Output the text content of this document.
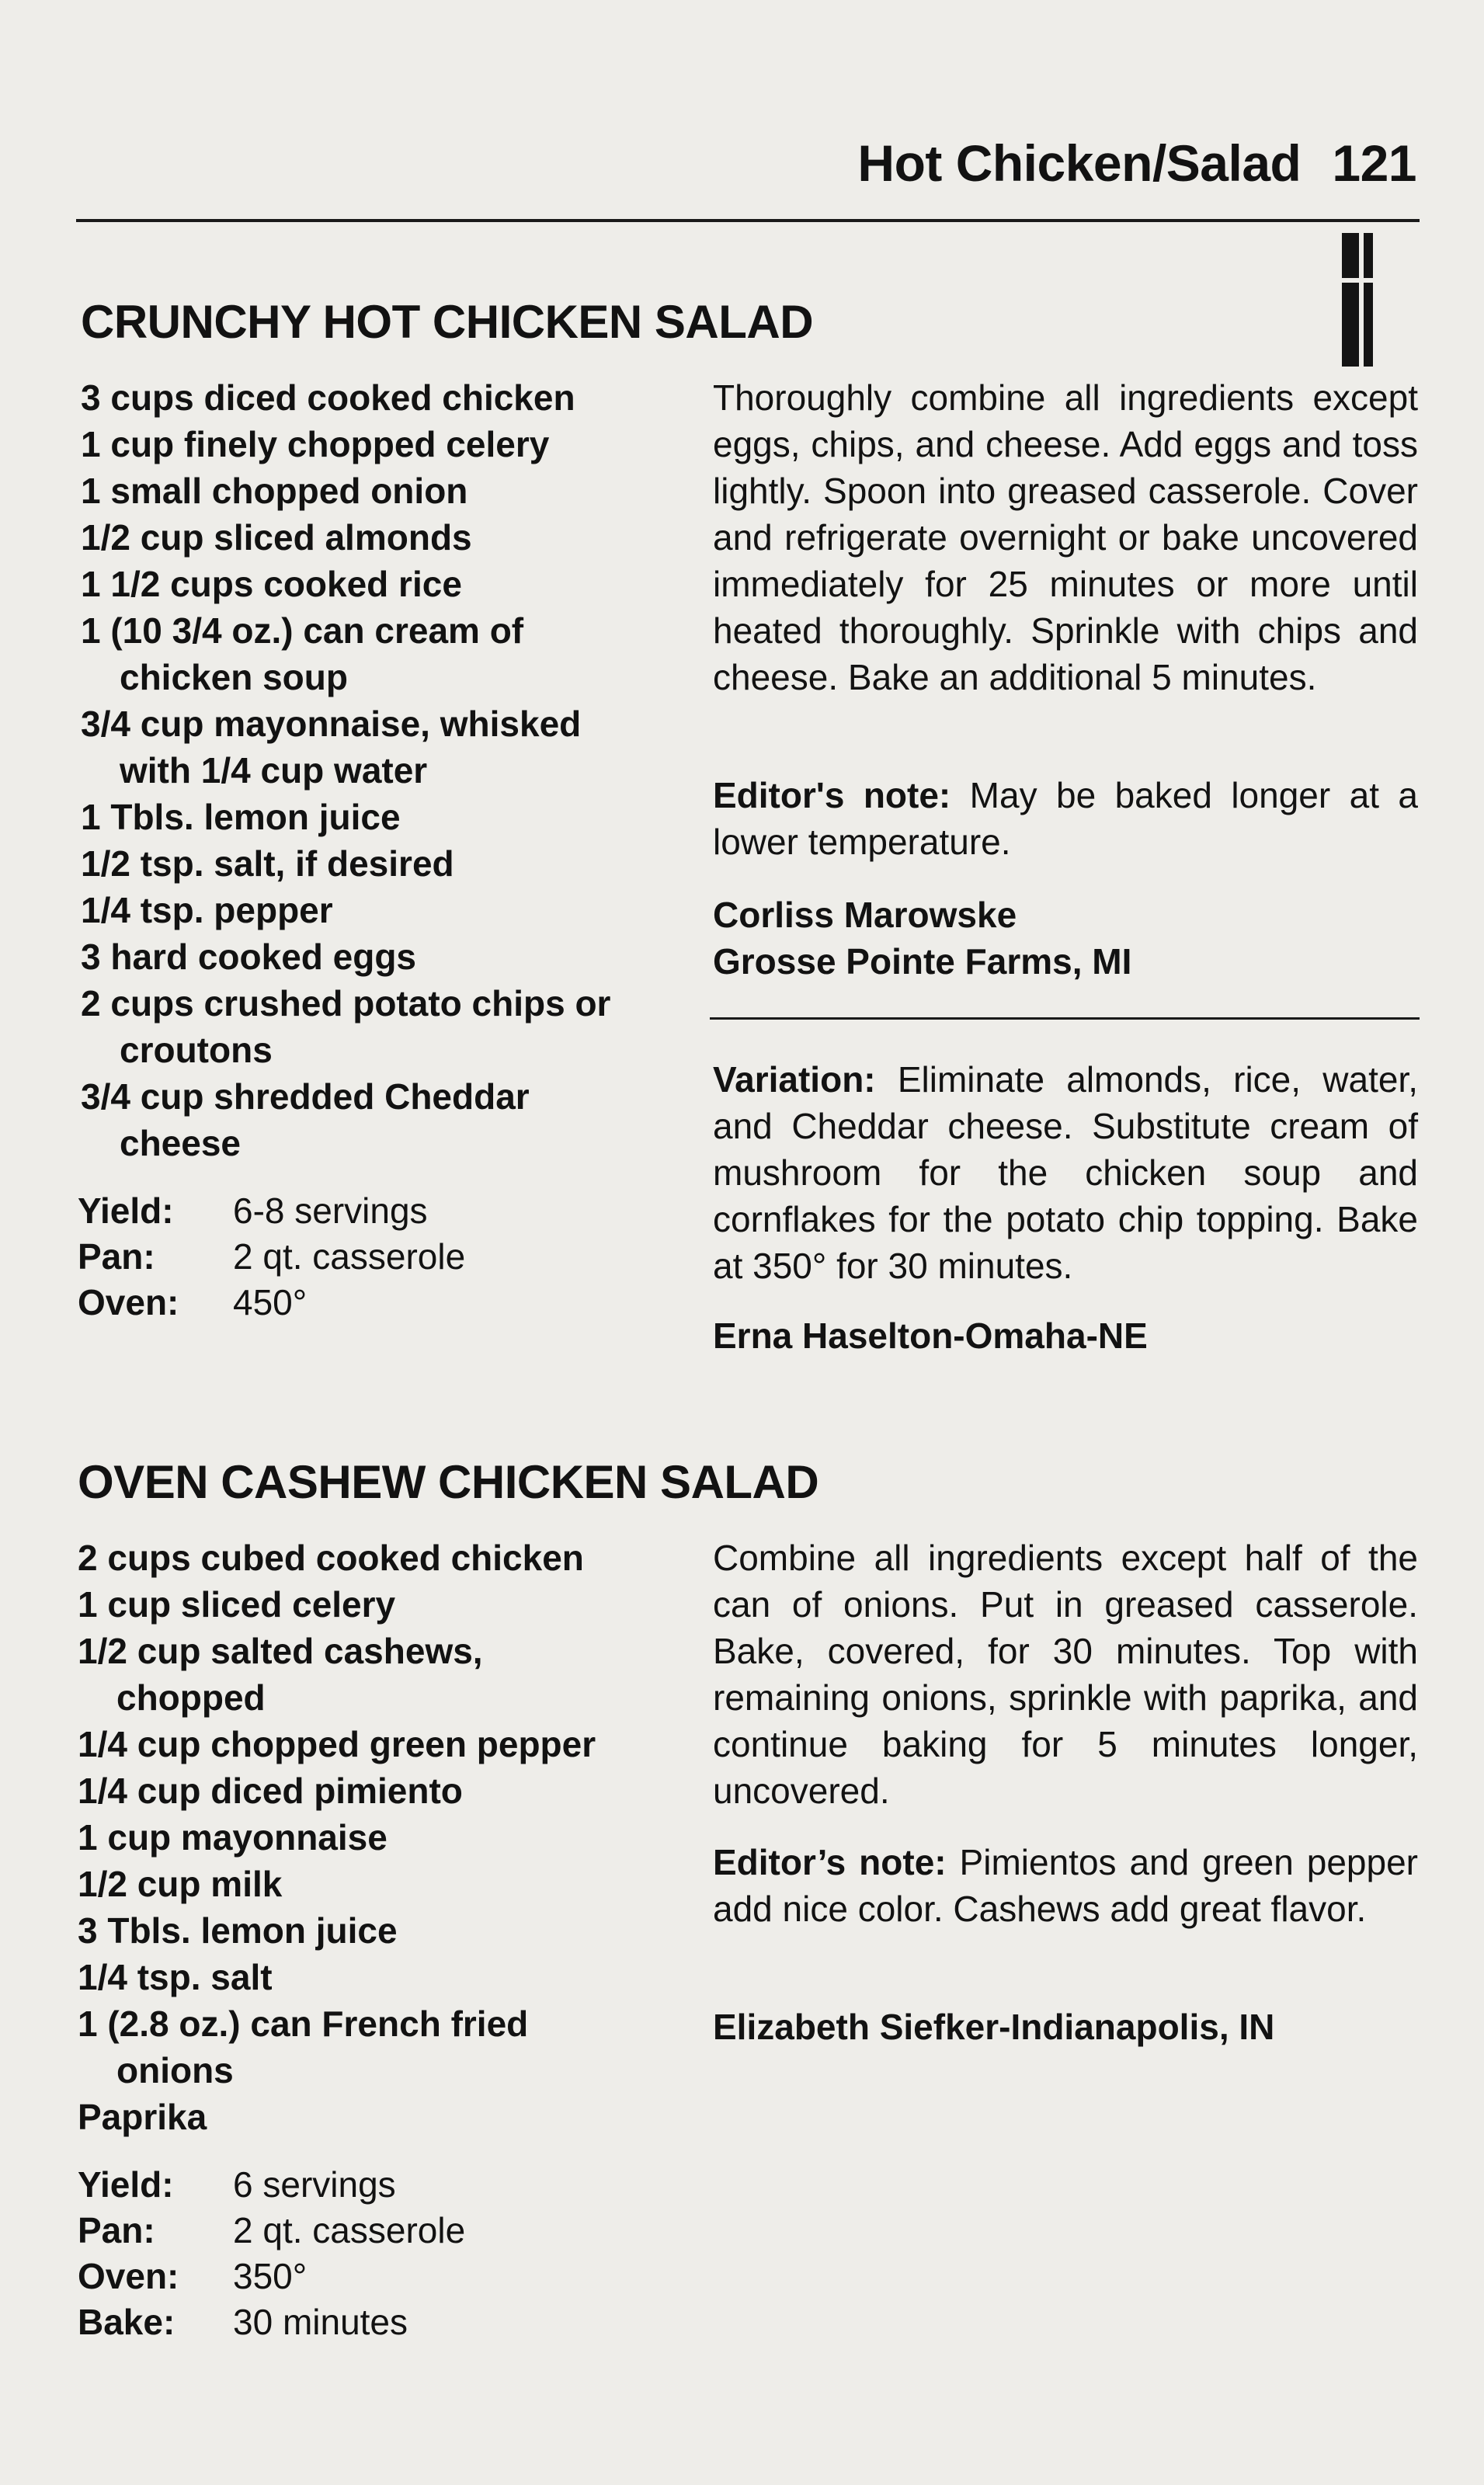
Hot Chicken/Salad 121
CRUNCHY HOT CHICKEN SALAD
3 cups diced cooked chicken
1 cup finely chopped celery
1 small chopped onion
1/2 cup sliced almonds
1 1/2 cups cooked rice
1 (10 3/4 oz.) can cream of chicken soup
3/4 cup mayonnaise, whisked with 1/4 cup water
1 Tbls. lemon juice
1/2 tsp. salt, if desired
1/4 tsp. pepper
3 hard cooked eggs
2 cups crushed potato chips or croutons
3/4 cup shredded Cheddar cheese
Yield:	6-8 servings
Pan:	2 qt. casserole
Oven:	450°

Thoroughly combine all ingredients except eggs, chips, and cheese. Add eggs and toss lightly. Spoon into greased casserole. Cover and refrigerate overnight or bake uncovered immediately for 25 minutes or more until heated thoroughly. Sprinkle with chips and cheese. Bake an additional 5 minutes.

Editor's note: May be baked longer at a lower temperature.

Corliss Marowske
Grosse Pointe Farms, MI

Variation: Eliminate almonds, rice, water, and Cheddar cheese. Substitute cream of mushroom for the chicken soup and cornflakes for the potato chip topping. Bake at 350° for 30 minutes.

Erna Haselton-Omaha-NE
OVEN CASHEW CHICKEN SALAD
2 cups cubed cooked chicken
1 cup sliced celery
1/2 cup salted cashews, chopped
1/4 cup chopped green pepper
1/4 cup diced pimiento
1 cup mayonnaise
1/2 cup milk
3 Tbls. lemon juice
1/4 tsp. salt
1 (2.8 oz.) can French fried onions
Paprika
Yield:	6 servings
Pan:	2 qt. casserole
Oven:	350°
Bake:	30 minutes

Combine all ingredients except half of the can of onions. Put in greased casserole. Bake, covered, for 30 minutes. Top with remaining onions, sprinkle with paprika, and continue baking for 5 minutes longer, uncovered.

Editor’s note: Pimientos and green pepper add nice color. Cashews add great flavor.

Elizabeth Siefker-Indianapolis, IN
